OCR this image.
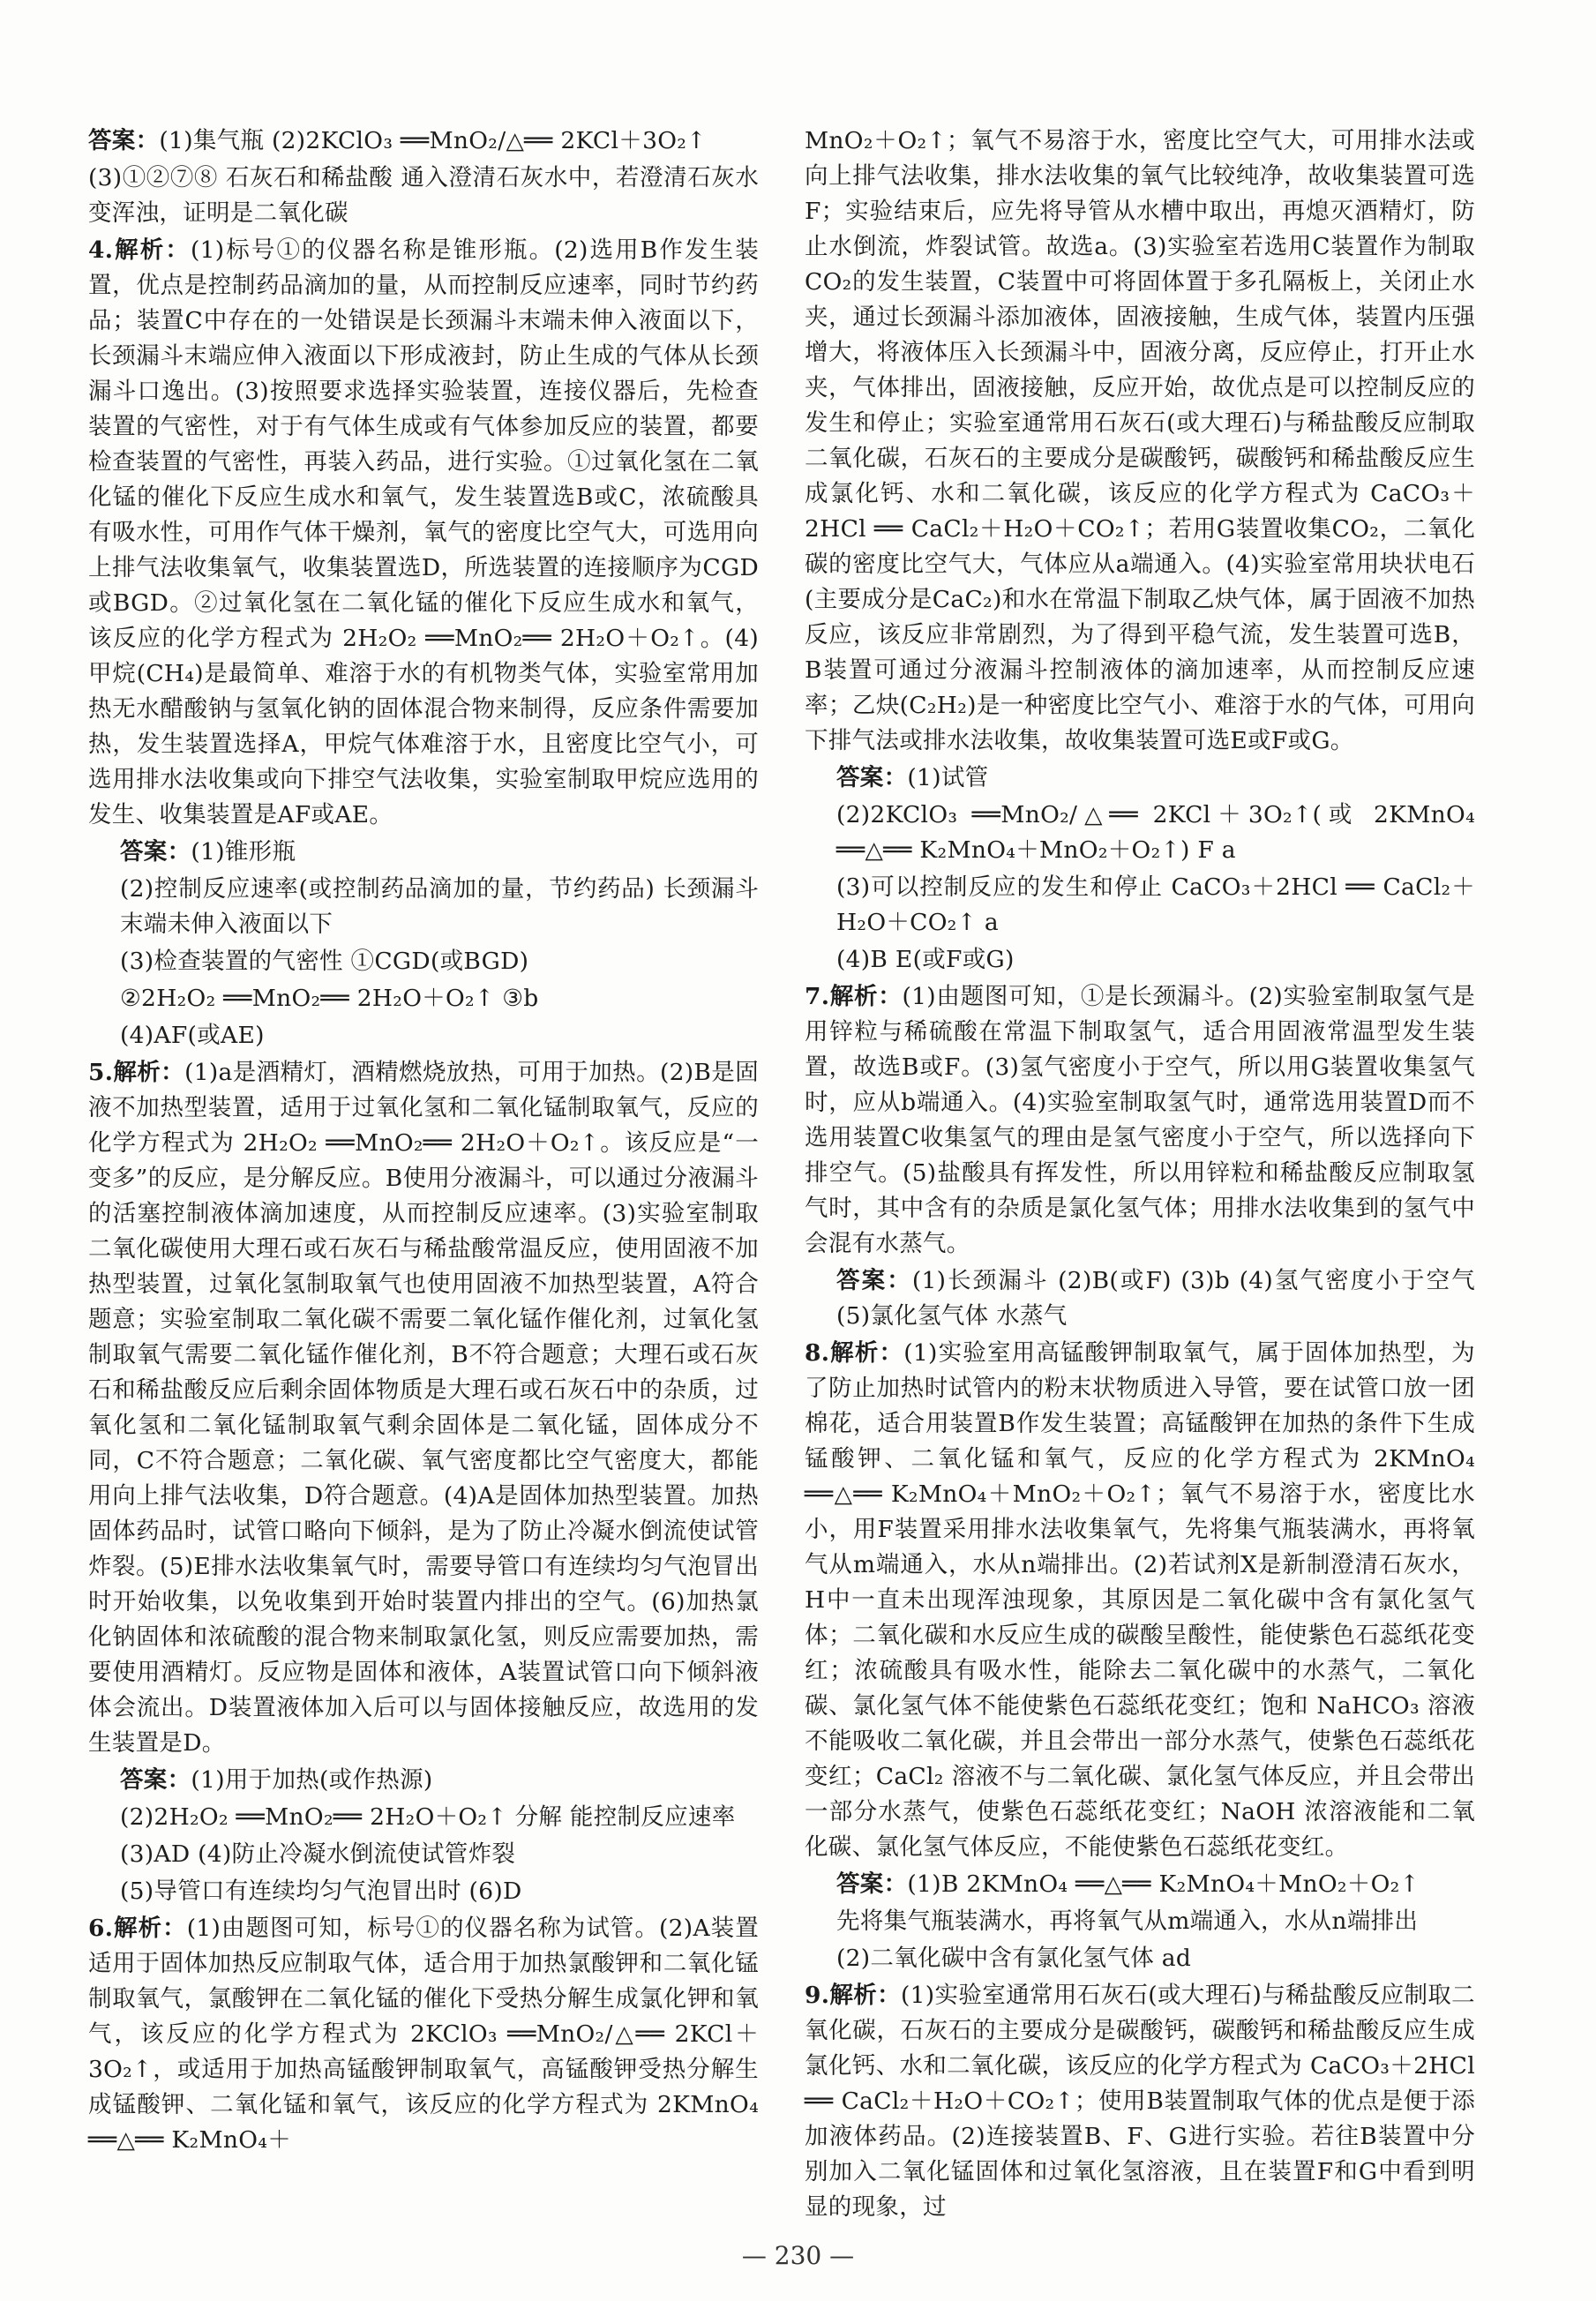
答案：(1)集气瓶 (2)2KClO₃ ══MnO₂/△══ 2KCl＋3O₂↑
(3)①②⑦⑧ 石灰石和稀盐酸 通入澄清石灰水中，若澄清石灰水变浑浊，证明是二氧化碳
4.解析：(1)标号①的仪器名称是锥形瓶。(2)选用B作发生装置，优点是控制药品滴加的量，从而控制反应速率，同时节约药品；装置C中存在的一处错误是长颈漏斗末端未伸入液面以下，长颈漏斗末端应伸入液面以下形成液封，防止生成的气体从长颈漏斗口逸出。(3)按照要求选择实验装置，连接仪器后，先检查装置的气密性，对于有气体生成或有气体参加反应的装置，都要检查装置的气密性，再装入药品，进行实验。①过氧化氢在二氧化锰的催化下反应生成水和氧气，发生装置选B或C，浓硫酸具有吸水性，可用作气体干燥剂，氧气的密度比空气大，可选用向上排气法收集氧气，收集装置选D，所选装置的连接顺序为CGD或BGD。②过氧化氢在二氧化锰的催化下反应生成水和氧气，该反应的化学方程式为 2H₂O₂ ══MnO₂══ 2H₂O＋O₂↑。(4)甲烷(CH₄)是最简单、难溶于水的有机物类气体，实验室常用加热无水醋酸钠与氢氧化钠的固体混合物来制得，反应条件需要加热，发生装置选择A，甲烷气体难溶于水，且密度比空气小，可选用排水法收集或向下排空气法收集，实验室制取甲烷应选用的发生、收集装置是AF或AE。
答案：(1)锥形瓶
(2)控制反应速率(或控制药品滴加的量，节约药品) 长颈漏斗末端未伸入液面以下
(3)检查装置的气密性 ①CGD(或BGD)
②2H₂O₂ ══MnO₂══ 2H₂O＋O₂↑ ③b
(4)AF(或AE)
5.解析：(1)a是酒精灯，酒精燃烧放热，可用于加热。(2)B是固液不加热型装置，适用于过氧化氢和二氧化锰制取氧气，反应的化学方程式为 2H₂O₂ ══MnO₂══ 2H₂O＋O₂↑。该反应是“一变多”的反应，是分解反应。B使用分液漏斗，可以通过分液漏斗的活塞控制液体滴加速度，从而控制反应速率。(3)实验室制取二氧化碳使用大理石或石灰石与稀盐酸常温反应，使用固液不加热型装置，过氧化氢制取氧气也使用固液不加热型装置，A符合题意；实验室制取二氧化碳不需要二氧化锰作催化剂，过氧化氢制取氧气需要二氧化锰作催化剂，B不符合题意；大理石或石灰石和稀盐酸反应后剩余固体物质是大理石或石灰石中的杂质，过氧化氢和二氧化锰制取氧气剩余固体是二氧化锰，固体成分不同，C不符合题意；二氧化碳、氧气密度都比空气密度大，都能用向上排气法收集，D符合题意。(4)A是固体加热型装置。加热固体药品时，试管口略向下倾斜，是为了防止冷凝水倒流使试管炸裂。(5)E排水法收集氧气时，需要导管口有连续均匀气泡冒出时开始收集，以免收集到开始时装置内排出的空气。(6)加热氯化钠固体和浓硫酸的混合物来制取氯化氢，则反应需要加热，需要使用酒精灯。反应物是固体和液体，A装置试管口向下倾斜液体会流出。D装置液体加入后可以与固体接触反应，故选用的发生装置是D。
答案：(1)用于加热(或作热源)
(2)2H₂O₂ ══MnO₂══ 2H₂O＋O₂↑ 分解 能控制反应速率
(3)AD (4)防止冷凝水倒流使试管炸裂
(5)导管口有连续均匀气泡冒出时 (6)D
6.解析：(1)由题图可知，标号①的仪器名称为试管。(2)A装置适用于固体加热反应制取气体，适合用于加热氯酸钾和二氧化锰制取氧气，氯酸钾在二氧化锰的催化下受热分解生成氯化钾和氧气，该反应的化学方程式为 2KClO₃ ══MnO₂/△══ 2KCl＋3O₂↑，或适用于加热高锰酸钾制取氧气，高锰酸钾受热分解生成锰酸钾、二氧化锰和氧气，该反应的化学方程式为 2KMnO₄ ══△══ K₂MnO₄＋
MnO₂＋O₂↑；氧气不易溶于水，密度比空气大，可用排水法或向上排气法收集，排水法收集的氧气比较纯净，故收集装置可选F；实验结束后，应先将导管从水槽中取出，再熄灭酒精灯，防止水倒流，炸裂试管。故选a。(3)实验室若选用C装置作为制取CO₂的发生装置，C装置中可将固体置于多孔隔板上，关闭止水夹，通过长颈漏斗添加液体，固液接触，生成气体，装置内压强增大，将液体压入长颈漏斗中，固液分离，反应停止，打开止水夹，气体排出，固液接触，反应开始，故优点是可以控制反应的发生和停止；实验室通常用石灰石(或大理石)与稀盐酸反应制取二氧化碳，石灰石的主要成分是碳酸钙，碳酸钙和稀盐酸反应生成氯化钙、水和二氧化碳，该反应的化学方程式为 CaCO₃＋2HCl ══ CaCl₂＋H₂O＋CO₂↑；若用G装置收集CO₂，二氧化碳的密度比空气大，气体应从a端通入。(4)实验室常用块状电石(主要成分是CaC₂)和水在常温下制取乙炔气体，属于固液不加热反应，该反应非常剧烈，为了得到平稳气流，发生装置可选B，B装置可通过分液漏斗控制液体的滴加速率，从而控制反应速率；乙炔(C₂H₂)是一种密度比空气小、难溶于水的气体，可用向下排气法或排水法收集，故收集装置可选E或F或G。
答案：(1)试管
(2)2KClO₃ ══MnO₂/△══ 2KCl＋3O₂↑(或 2KMnO₄ ══△══ K₂MnO₄＋MnO₂＋O₂↑) F a
(3)可以控制反应的发生和停止 CaCO₃＋2HCl ══ CaCl₂＋H₂O＋CO₂↑ a
(4)B E(或F或G)
7.解析：(1)由题图可知，①是长颈漏斗。(2)实验室制取氢气是用锌粒与稀硫酸在常温下制取氢气，适合用固液常温型发生装置，故选B或F。(3)氢气密度小于空气，所以用G装置收集氢气时，应从b端通入。(4)实验室制取氢气时，通常选用装置D而不选用装置C收集氢气的理由是氢气密度小于空气，所以选择向下排空气。(5)盐酸具有挥发性，所以用锌粒和稀盐酸反应制取氢气时，其中含有的杂质是氯化氢气体；用排水法收集到的氢气中会混有水蒸气。
答案：(1)长颈漏斗 (2)B(或F) (3)b (4)氢气密度小于空气 (5)氯化氢气体 水蒸气
8.解析：(1)实验室用高锰酸钾制取氧气，属于固体加热型，为了防止加热时试管内的粉末状物质进入导管，要在试管口放一团棉花，适合用装置B作发生装置；高锰酸钾在加热的条件下生成锰酸钾、二氧化锰和氧气，反应的化学方程式为 2KMnO₄ ══△══ K₂MnO₄＋MnO₂＋O₂↑；氧气不易溶于水，密度比水小，用F装置采用排水法收集氧气，先将集气瓶装满水，再将氧气从m端通入，水从n端排出。(2)若试剂X是新制澄清石灰水，H中一直未出现浑浊现象，其原因是二氧化碳中含有氯化氢气体；二氧化碳和水反应生成的碳酸呈酸性，能使紫色石蕊纸花变红；浓硫酸具有吸水性，能除去二氧化碳中的水蒸气，二氧化碳、氯化氢气体不能使紫色石蕊纸花变红；饱和 NaHCO₃ 溶液不能吸收二氧化碳，并且会带出一部分水蒸气，使紫色石蕊纸花变红；CaCl₂ 溶液不与二氧化碳、氯化氢气体反应，并且会带出一部分水蒸气，使紫色石蕊纸花变红；NaOH 浓溶液能和二氧化碳、氯化氢气体反应，不能使紫色石蕊纸花变红。
答案：(1)B 2KMnO₄ ══△══ K₂MnO₄＋MnO₂＋O₂↑
先将集气瓶装满水，再将氧气从m端通入，水从n端排出
(2)二氧化碳中含有氯化氢气体 ad
9.解析：(1)实验室通常用石灰石(或大理石)与稀盐酸反应制取二氧化碳，石灰石的主要成分是碳酸钙，碳酸钙和稀盐酸反应生成氯化钙、水和二氧化碳，该反应的化学方程式为 CaCO₃＋2HCl ══ CaCl₂＋H₂O＋CO₂↑；使用B装置制取气体的优点是便于添加液体药品。(2)连接装置B、F、G进行实验。若往B装置中分别加入二氧化锰固体和过氧化氢溶液，且在装置F和G中看到明显的现象，过
— 230 —
